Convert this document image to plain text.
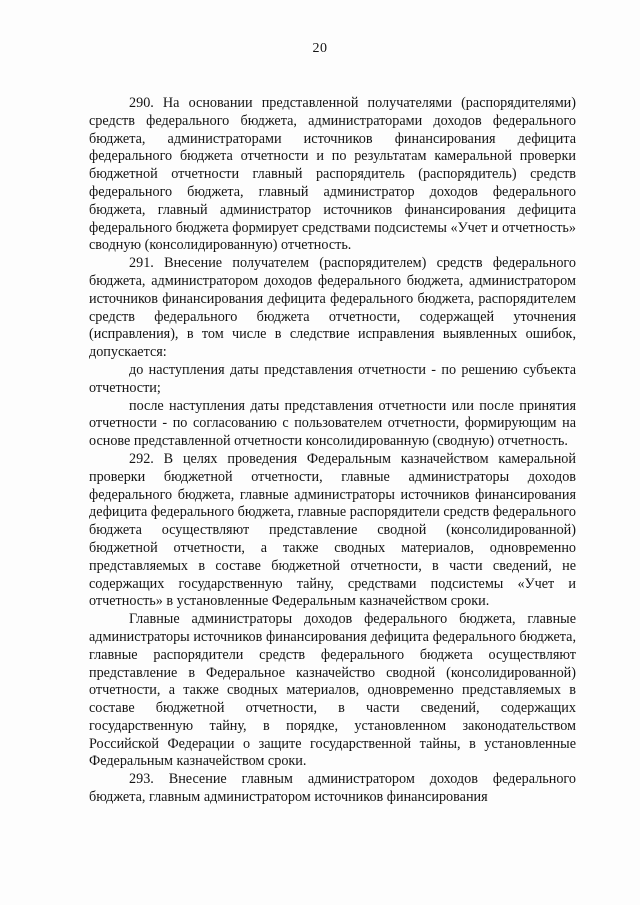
20

290. На основании представленной получателями (распорядителями) средств федерального бюджета, администраторами доходов федерального бюджета, администраторами источников финансирования дефицита федерального бюджета отчетности и по результатам камеральной проверки бюджетной отчетности главный распорядитель (распорядитель) средств федерального бюджета, главный администратор доходов федерального бюджета, главный администратор источников финансирования дефицита федерального бюджета формирует средствами подсистемы «Учет и отчетность» сводную (консолидированную) отчетность.

291. Внесение получателем (распорядителем) средств федерального бюджета, администратором доходов федерального бюджета, администратором источников финансирования дефицита федерального бюджета, распорядителем средств федерального бюджета отчетности, содержащей уточнения (исправления), в том числе в следствие исправления выявленных ошибок, допускается:

до наступления даты представления отчетности - по решению субъекта отчетности;

после наступления даты представления отчетности или после принятия отчетности - по согласованию с пользователем отчетности, формирующим на основе представленной отчетности консолидированную (сводную) отчетность.

292. В целях проведения Федеральным казначейством камеральной проверки бюджетной отчетности, главные администраторы доходов федерального бюджета, главные администраторы источников финансирования дефицита федерального бюджета, главные распорядители средств федерального бюджета осуществляют представление сводной (консолидированной) бюджетной отчетности, а также сводных материалов, одновременно представляемых в составе бюджетной отчетности, в части сведений, не содержащих государственную тайну, средствами подсистемы «Учет и отчетность» в установленные Федеральным казначейством сроки.

Главные администраторы доходов федерального бюджета, главные администраторы источников финансирования дефицита федерального бюджета, главные распорядители средств федерального бюджета осуществляют представление в Федеральное казначейство сводной (консолидированной) отчетности, а также сводных материалов, одновременно представляемых в составе бюджетной отчетности, в части сведений, содержащих государственную тайну, в порядке, установленном законодательством Российской Федерации о защите государственной тайны, в установленные Федеральным казначейством сроки.

293. Внесение главным администратором доходов федерального бюджета, главным администратором источников финансирования
